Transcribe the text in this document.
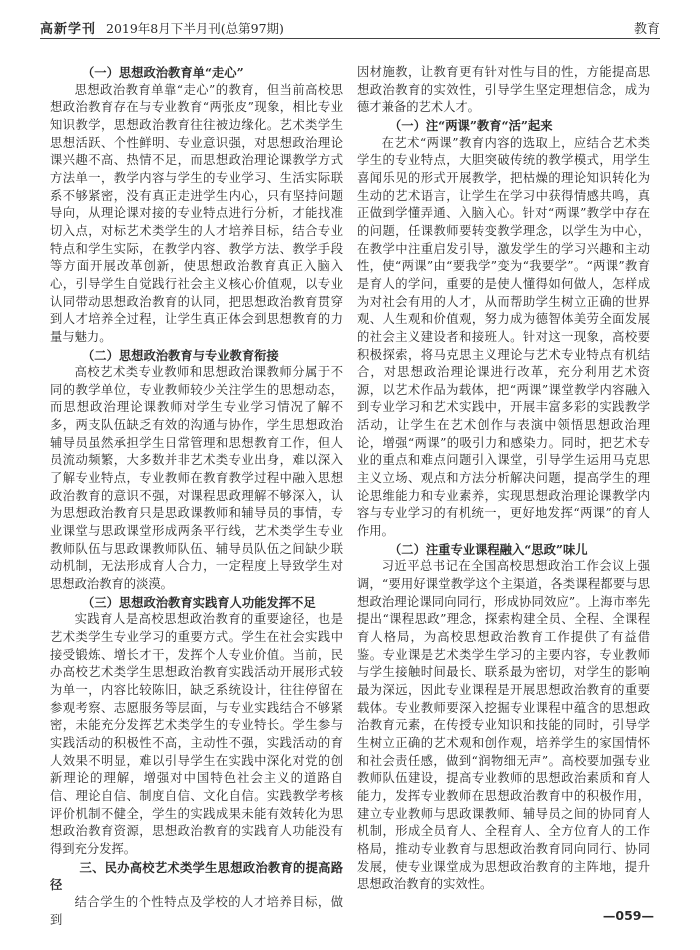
高新学刊 2019年8月下半月刊(总第97期)	教育

（一）思想政治教育单“走心”

思想政治教育单靠“走心”的教育，但当前高校思想政治教育存在与专业教育“两张皮”现象，相比专业知识教学，思想政治教育往往被边缘化。艺术类学生思想活跃、个性鲜明、专业意识强，对思想政治理论课兴趣不高、热情不足，而思想政治理论课教学方式方法单一，教学内容与学生的专业学习、生活实际联系不够紧密，没有真正走进学生内心，只有坚持问题导向，从理论课对接的专业特点进行分析，才能找准切入点，对标艺术类学生的人才培养目标，结合专业特点和学生实际，在教学内容、教学方法、教学手段等方面开展改革创新，使思想政治教育真正入脑入心，引导学生自觉践行社会主义核心价值观，以专业认同带动思想政治教育的认同，把思想政治教育贯穿到人才培养全过程，让学生真正体会到思想教育的力量与魅力。

（二）思想政治教育与专业教育衔接

高校艺术类专业教师和思想政治课教师分属于不同的教学单位，专业教师较少关注学生的思想动态，而思想政治理论课教师对学生专业学习情况了解不多，两支队伍缺乏有效的沟通与协作，学生思想政治辅导员虽然承担学生日常管理和思想教育工作，但人员流动频繁，大多数并非艺术类专业出身，难以深入了解专业特点，专业教师在教育教学过程中融入思想政治教育的意识不强，对课程思政理解不够深入，认为思想政治教育只是思政课教师和辅导员的事情，专业课堂与思政课堂形成两条平行线，艺术类学生专业教师队伍与思政课教师队伍、辅导员队伍之间缺少联动机制，无法形成育人合力，一定程度上导致学生对思想政治教育的淡漠。

（三）思想政治教育实践育人功能发挥不足

实践育人是高校思想政治教育的重要途径，也是艺术类学生专业学习的重要方式。学生在社会实践中接受锻炼、增长才干，发挥个人专业价值。当前，民办高校艺术类学生思想政治教育实践活动开展形式较为单一，内容比较陈旧，缺乏系统设计，往往停留在参观考察、志愿服务等层面，与专业实践结合不够紧密，未能充分发挥艺术类学生的专业特长。学生参与实践活动的积极性不高，主动性不强，实践活动的育人效果不明显，难以引导学生在实践中深化对党的创新理论的理解，增强对中国特色社会主义的道路自信、理论自信、制度自信、文化自信。实践教学考核评价机制不健全，学生的实践成果未能有效转化为思想政治教育资源，思想政治教育的实践育人功能没有得到充分发挥。

三、民办高校艺术类学生思想政治教育的提高路径

结合学生的个性特点及学校的人才培养目标，做到

因材施教，让教育更有针对性与目的性，方能提高思想政治教育的实效性，引导学生坚定理想信念，成为德才兼备的艺术人才。

（一）注“两课”教育“活”起来

在艺术“两课”教育内容的选取上，应结合艺术类学生的专业特点，大胆突破传统的教学模式，用学生喜闻乐见的形式开展教学，把枯燥的理论知识转化为生动的艺术语言，让学生在学习中获得情感共鸣，真正做到学懂弄通、入脑入心。针对“两课”教学中存在的问题，任课教师要转变教学理念，以学生为中心，在教学中注重启发引导，激发学生的学习兴趣和主动性，使“两课”由“要我学”变为“我要学”。“两课”教育是育人的学问，重要的是使人懂得如何做人，怎样成为对社会有用的人才，从而帮助学生树立正确的世界观、人生观和价值观，努力成为德智体美劳全面发展的社会主义建设者和接班人。针对这一现象，高校要积极探索，将马克思主义理论与艺术专业特点有机结合，对思想政治理论课进行改革，充分利用艺术资源，以艺术作品为载体，把“两课”课堂教学内容融入到专业学习和艺术实践中，开展丰富多彩的实践教学活动，让学生在艺术创作与表演中领悟思想政治理论，增强“两课”的吸引力和感染力。同时，把艺术专业的重点和难点问题引入课堂，引导学生运用马克思主义立场、观点和方法分析解决问题，提高学生的理论思维能力和专业素养，实现思想政治理论课教学内容与专业学习的有机统一，更好地发挥“两课”的育人作用。

（二）注重专业课程融入“思政”味儿

习近平总书记在全国高校思想政治工作会议上强调，“要用好课堂教学这个主渠道，各类课程都要与思想政治理论课同向同行，形成协同效应”。上海市率先提出“课程思政”理念，探索构建全员、全程、全课程育人格局，为高校思想政治教育工作提供了有益借鉴。专业课是艺术类学生学习的主要内容，专业教师与学生接触时间最长、联系最为密切，对学生的影响最为深远，因此专业课程是开展思想政治教育的重要载体。专业教师要深入挖掘专业课程中蕴含的思想政治教育元素，在传授专业知识和技能的同时，引导学生树立正确的艺术观和创作观，培养学生的家国情怀和社会责任感，做到“润物细无声”。高校要加强专业教师队伍建设，提高专业教师的思想政治素质和育人能力，发挥专业教师在思想政治教育中的积极作用，建立专业教师与思政课教师、辅导员之间的协同育人机制，形成全员育人、全程育人、全方位育人的工作格局，推动专业教育与思想政治教育同向同行、协同发展，使专业课堂成为思想政治教育的主阵地，提升思想政治教育的实效性。

—059—
